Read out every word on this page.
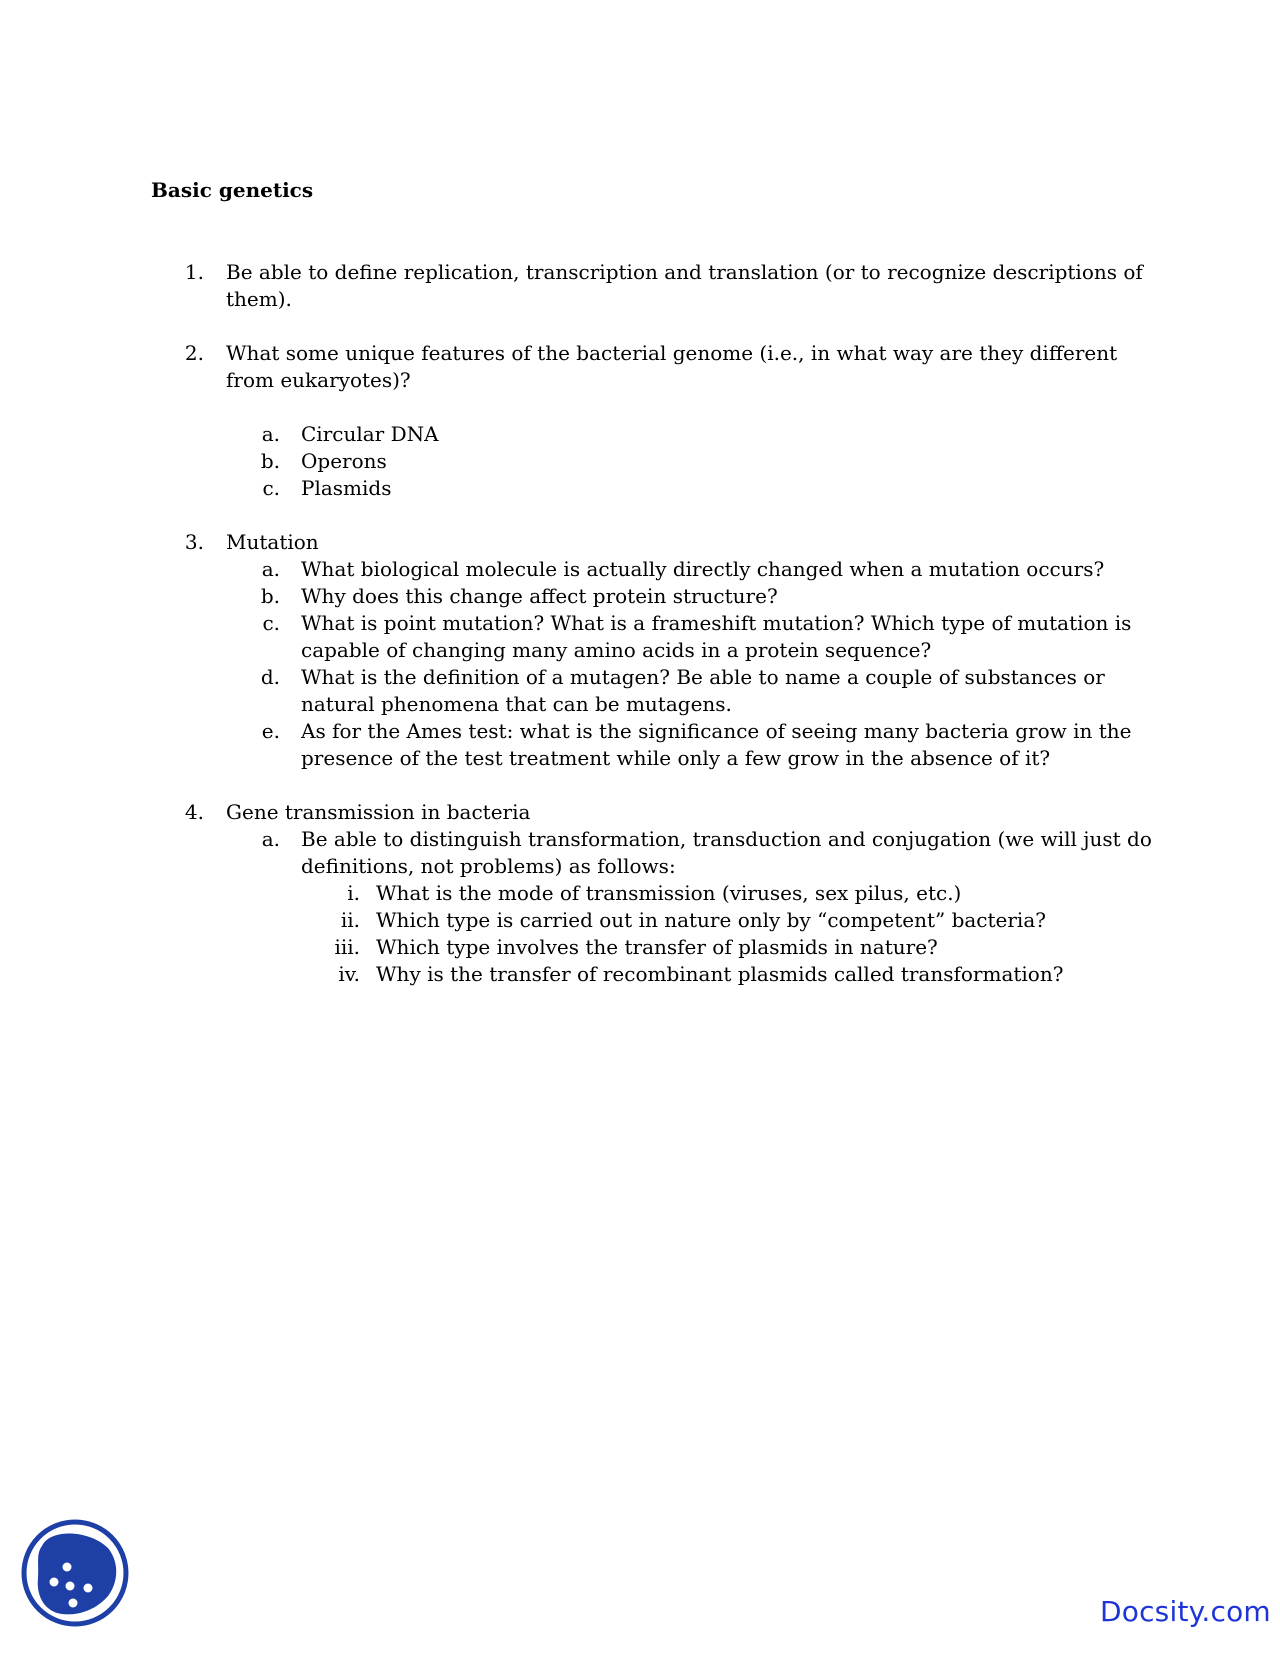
Basic genetics
1. Be able to define replication, transcription and translation (or to recognize descriptions of
them).
2. What some unique features of the bacterial genome (i.e., in what way are they different
from eukaryotes)?
a. Circular DNA
b. Operons
c. Plasmids
3. Mutation
a. What biological molecule is actually directly changed when a mutation occurs?
b. Why does this change affect protein structure?
c. What is point mutation? What is a frameshift mutation? Which type of mutation is
capable of changing many amino acids in a protein sequence?
d. What is the definition of a mutagen? Be able to name a couple of substances or
natural phenomena that can be mutagens.
e. As for the Ames test: what is the significance of seeing many bacteria grow in the
presence of the test treatment while only a few grow in the absence of it?
4. Gene transmission in bacteria
a. Be able to distinguish transformation, transduction and conjugation (we will just do
definitions, not problems) as follows:
i. What is the mode of transmission (viruses, sex pilus, etc.)
ii. Which type is carried out in nature only by “competent” bacteria?
iii. Which type involves the transfer of plasmids in nature?
iv. Why is the transfer of recombinant plasmids called transformation?
Docsity.com
